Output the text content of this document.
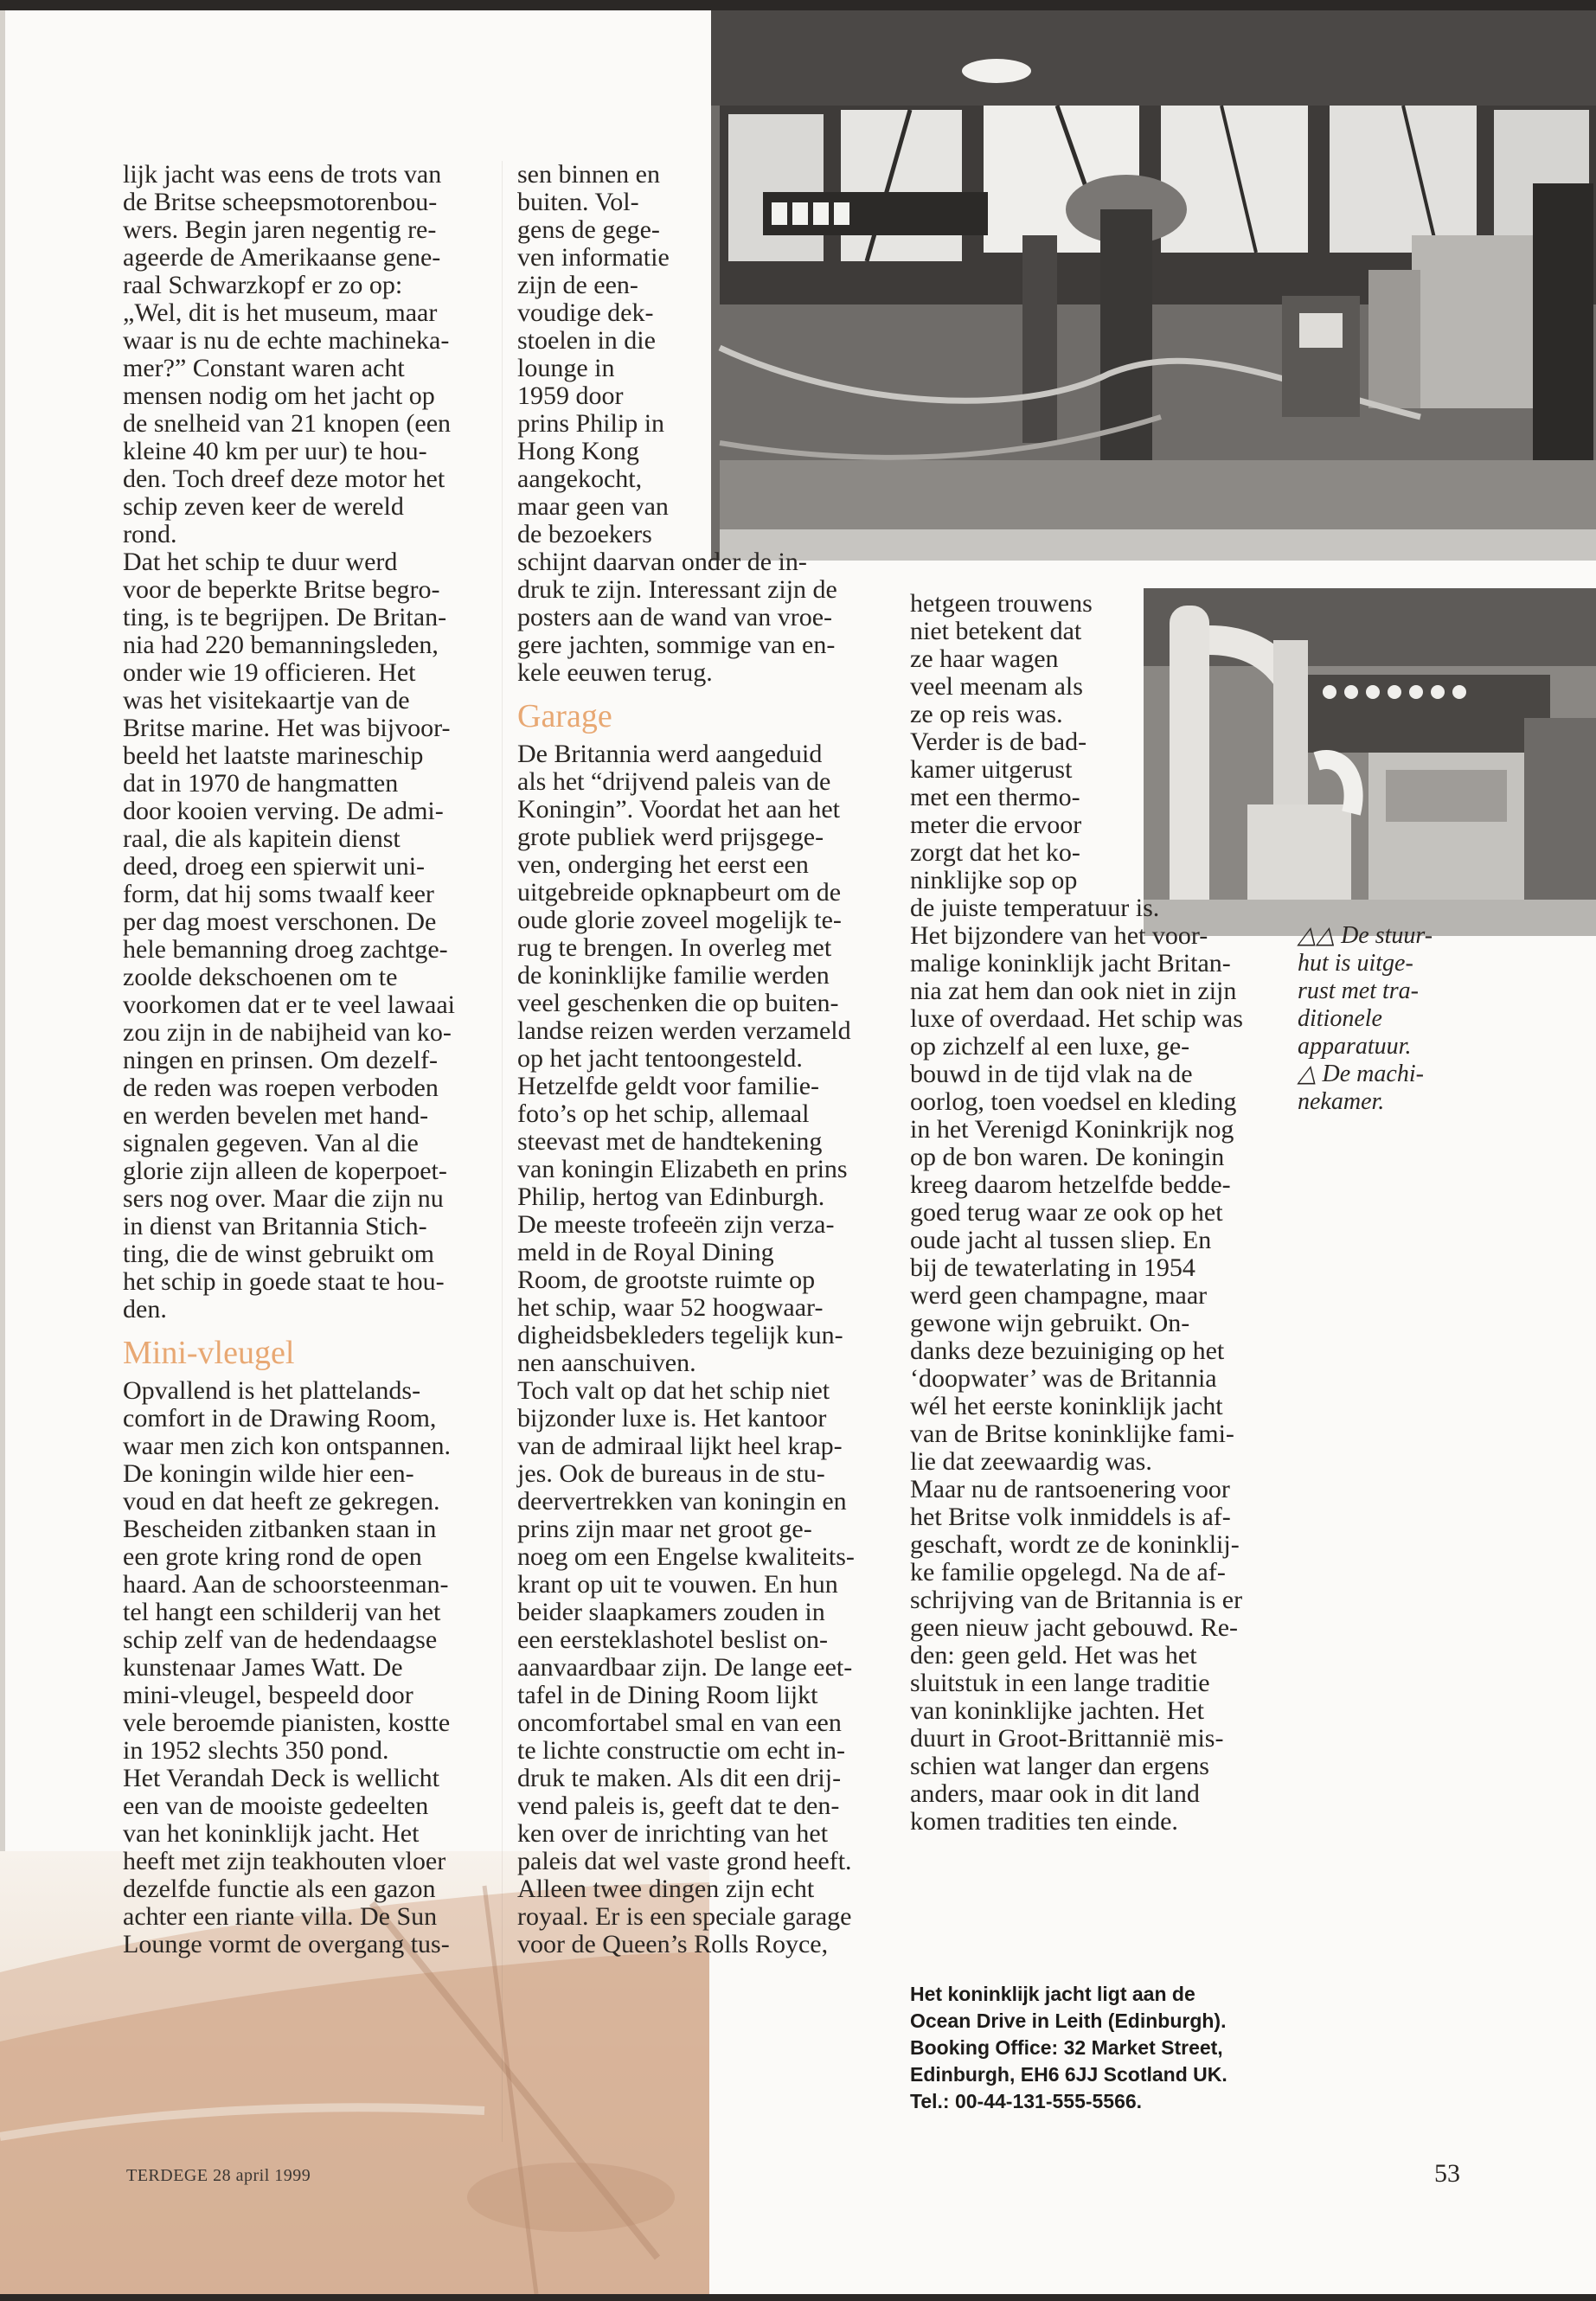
lijk jacht was eens de trots van

de Britse scheepsmotorenbou-

wers. Begin jaren negentig re-

ageerde de Amerikaanse gene-

raal Schwarzkopf er zo op:

„Wel, dit is het museum, maar

waar is nu de echte machineka-

mer?” Constant waren acht

mensen nodig om het jacht op

de snelheid van 21 knopen (een

kleine 40 km per uur) te hou-

den. Toch dreef deze motor het

schip zeven keer de wereld

rond.

Dat het schip te duur werd

voor de beperkte Britse begro-

ting, is te begrijpen. De Britan-

nia had 220 bemanningsleden,

onder wie 19 officieren. Het

was het visitekaartje van de

Britse marine. Het was bijvoor-

beeld het laatste marineschip

dat in 1970 de hangmatten

door kooien verving. De admi-

raal, die als kapitein dienst

deed, droeg een spierwit uni-

form, dat hij soms twaalf keer

per dag moest verschonen. De

hele bemanning droeg zachtge-

zoolde dekschoenen om te

voorkomen dat er te veel lawaai

zou zijn in de nabijheid van ko-

ningen en prinsen. Om dezelf-

de reden was roepen verboden

en werden bevelen met hand-

signalen gegeven. Van al die

glorie zijn alleen de koperpoet-

sers nog over. Maar die zijn nu

in dienst van Britannia Stich-

ting, die de winst gebruikt om

het schip in goede staat te hou-

den.

Mini-vleugel

Opvallend is het plattelands-

comfort in de Drawing Room,

waar men zich kon ontspannen.

De koningin wilde hier een-

voud en dat heeft ze gekregen.

Bescheiden zitbanken staan in

een grote kring rond de open

haard. Aan de schoorsteenman-

tel hangt een schilderij van het

schip zelf van de hedendaagse

kunstenaar James Watt. De

mini-vleugel, bespeeld door

vele beroemde pianisten, kostte

in 1952 slechts 350 pond.

Het Verandah Deck is wellicht

een van de mooiste gedeelten

van het koninklijk jacht. Het

heeft met zijn teakhouten vloer

dezelfde functie als een gazon

achter een riante villa. De Sun

Lounge vormt de overgang tus-

sen binnen en

buiten. Vol-

gens de gege-

ven informatie

zijn de een-

voudige dek-

stoelen in die

lounge in

1959 door

prins Philip in

Hong Kong

aangekocht,

maar geen van

de bezoekers

schijnt daarvan onder de in-

druk te zijn. Interessant zijn de

posters aan de wand van vroe-

gere jachten, sommige van en-

kele eeuwen terug.

Garage

De Britannia werd aangeduid

als het “drijvend paleis van de

Koningin”. Voordat het aan het

grote publiek werd prijsgege-

ven, onderging het eerst een

uitgebreide opknapbeurt om de

oude glorie zoveel mogelijk te-

rug te brengen. In overleg met

de koninklijke familie werden

veel geschenken die op buiten-

landse reizen werden verzameld

op het jacht tentoongesteld.

Hetzelfde geldt voor familie-

foto’s op het schip, allemaal

steevast met de handtekening

van koningin Elizabeth en prins

Philip, hertog van Edinburgh.

De meeste trofeeën zijn verza-

meld in de Royal Dining

Room, de grootste ruimte op

het schip, waar 52 hoogwaar-

digheidsbekleders tegelijk kun-

nen aanschuiven.

Toch valt op dat het schip niet

bijzonder luxe is. Het kantoor

van de admiraal lijkt heel krap-

jes. Ook de bureaus in de stu-

deervertrekken van koningin en

prins zijn maar net groot ge-

noeg om een Engelse kwaliteits-

krant op uit te vouwen. En hun

beider slaapkamers zouden in

een eersteklashotel beslist on-

aanvaardbaar zijn. De lange eet-

tafel in de Dining Room lijkt

oncomfortabel smal en van een

te lichte constructie om echt in-

druk te maken. Als dit een drij-

vend paleis is, geeft dat te den-

ken over de inrichting van het

paleis dat wel vaste grond heeft.

Alleen twee dingen zijn echt

royaal. Er is een speciale garage

voor de Queen’s Rolls Royce,

hetgeen trouwens

niet betekent dat

ze haar wagen

veel meenam als

ze op reis was.

Verder is de bad-

kamer uitgerust

met een thermo-

meter die ervoor

zorgt dat het ko-

ninklijke sop op

de juiste temperatuur is.

Het bijzondere van het voor-

malige koninklijk jacht Britan-

nia zat hem dan ook niet in zijn

luxe of overdaad. Het schip was

op zichzelf al een luxe, ge-

bouwd in de tijd vlak na de

oorlog, toen voedsel en kleding

in het Verenigd Koninkrijk nog

op de bon waren. De koningin

kreeg daarom hetzelfde bedde-

goed terug waar ze ook op het

oude jacht al tussen sliep. En

bij de tewaterlating in 1954

werd geen champagne, maar

gewone wijn gebruikt. On-

danks deze bezuiniging op het

‘doopwater’ was de Britannia

wél het eerste koninklijk jacht

van de Britse koninklijke fami-

lie dat zeewaardig was.

Maar nu de rantsoenering voor

het Britse volk inmiddels is af-

geschaft, wordt ze de koninklij-

ke familie opgelegd. Na de af-

schrijving van de Britannia is er

geen nieuw jacht gebouwd. Re-

den: geen geld. Het was het

sluitstuk in een lange traditie

van koninklijke jachten. Het

duurt in Groot-Brittannië mis-

schien wat langer dan ergens

anders, maar ook in dit land

komen tradities ten einde.

△△ De stuur-

hut is uitge-

rust met tra-

ditionele

apparatuur.

△ De machi-

nekamer.

Het koninklijk jacht ligt aan de

Ocean Drive in Leith (Edinburgh).

Booking Office: 32 Market Street,

Edinburgh, EH6 6JJ Scotland UK.

Tel.: 00-44-131-555-5566.

TERDEGE 28 april 1999	53
